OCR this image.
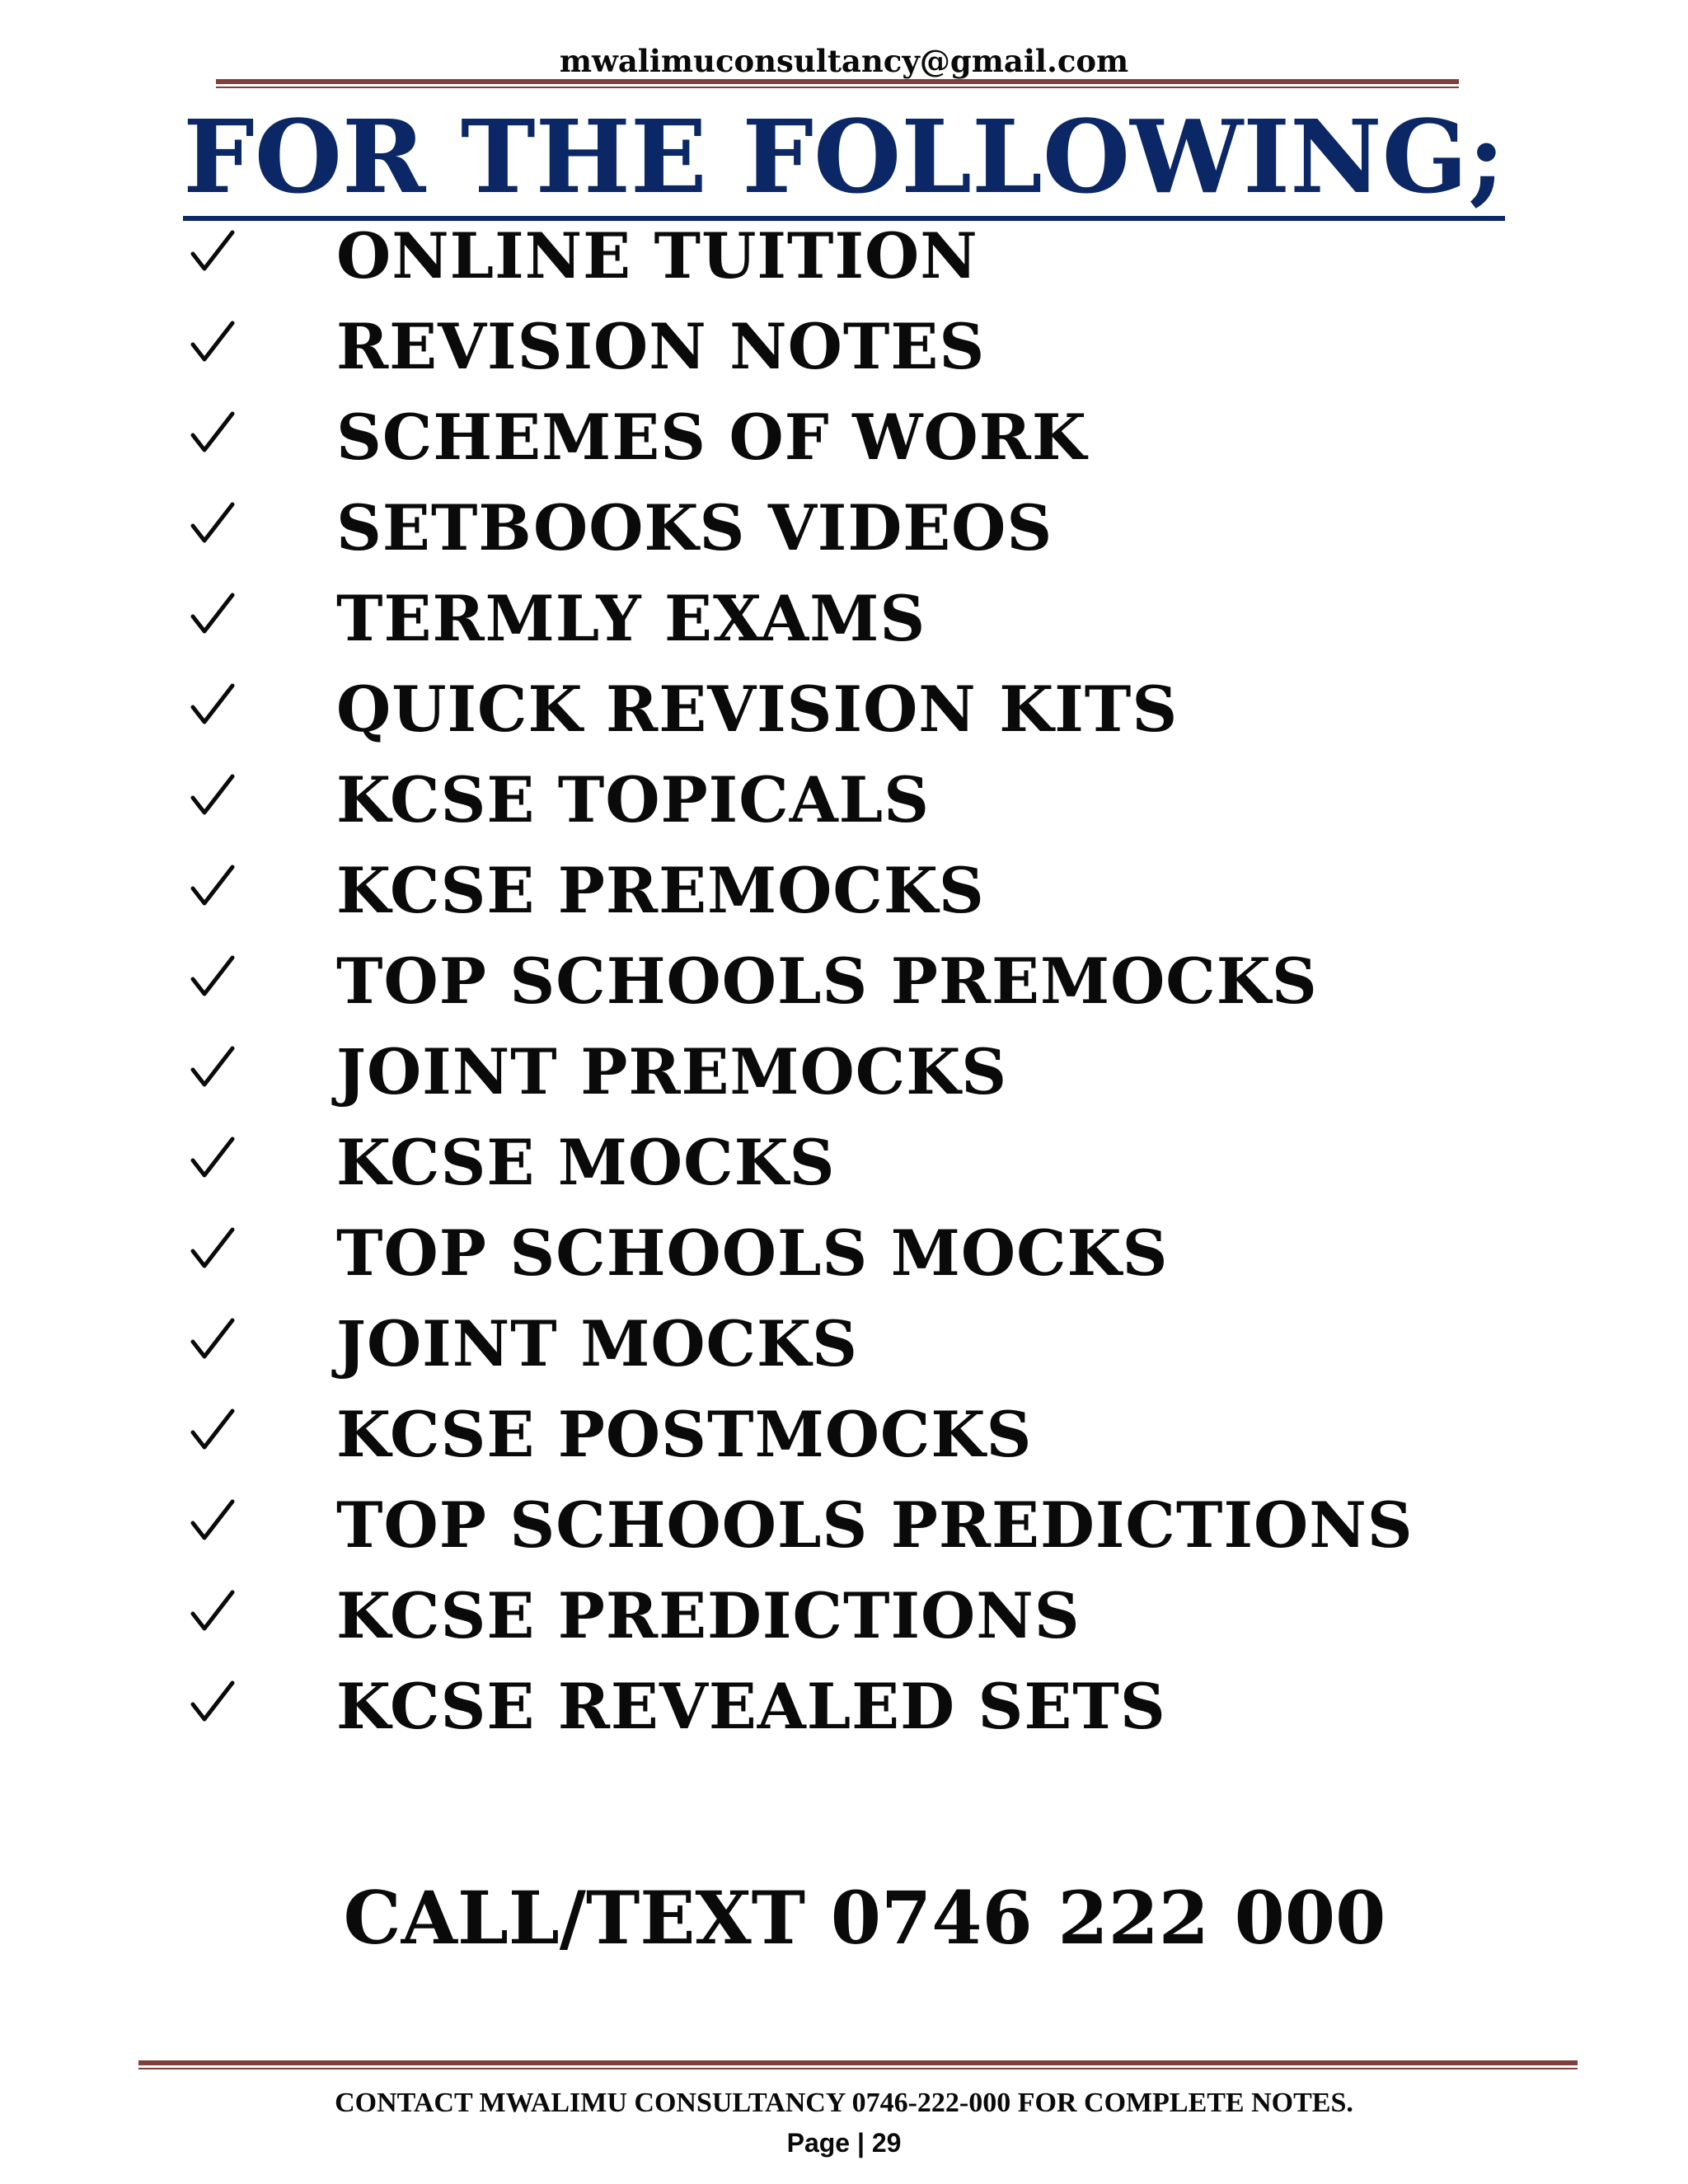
mwalimuconsultancy@gmail.com
FOR THE FOLLOWING;
ONLINE TUITION
REVISION NOTES
SCHEMES OF WORK
SETBOOKS VIDEOS
TERMLY EXAMS
QUICK REVISION KITS
KCSE TOPICALS
KCSE PREMOCKS
TOP SCHOOLS PREMOCKS
JOINT PREMOCKS
KCSE MOCKS
TOP SCHOOLS MOCKS
JOINT MOCKS
KCSE POSTMOCKS
TOP SCHOOLS PREDICTIONS
KCSE PREDICTIONS
KCSE REVEALED SETS
CALL/TEXT 0746 222 000
CONTACT MWALIMU CONSULTANCY 0746-222-000 FOR COMPLETE NOTES.
Page | 29
